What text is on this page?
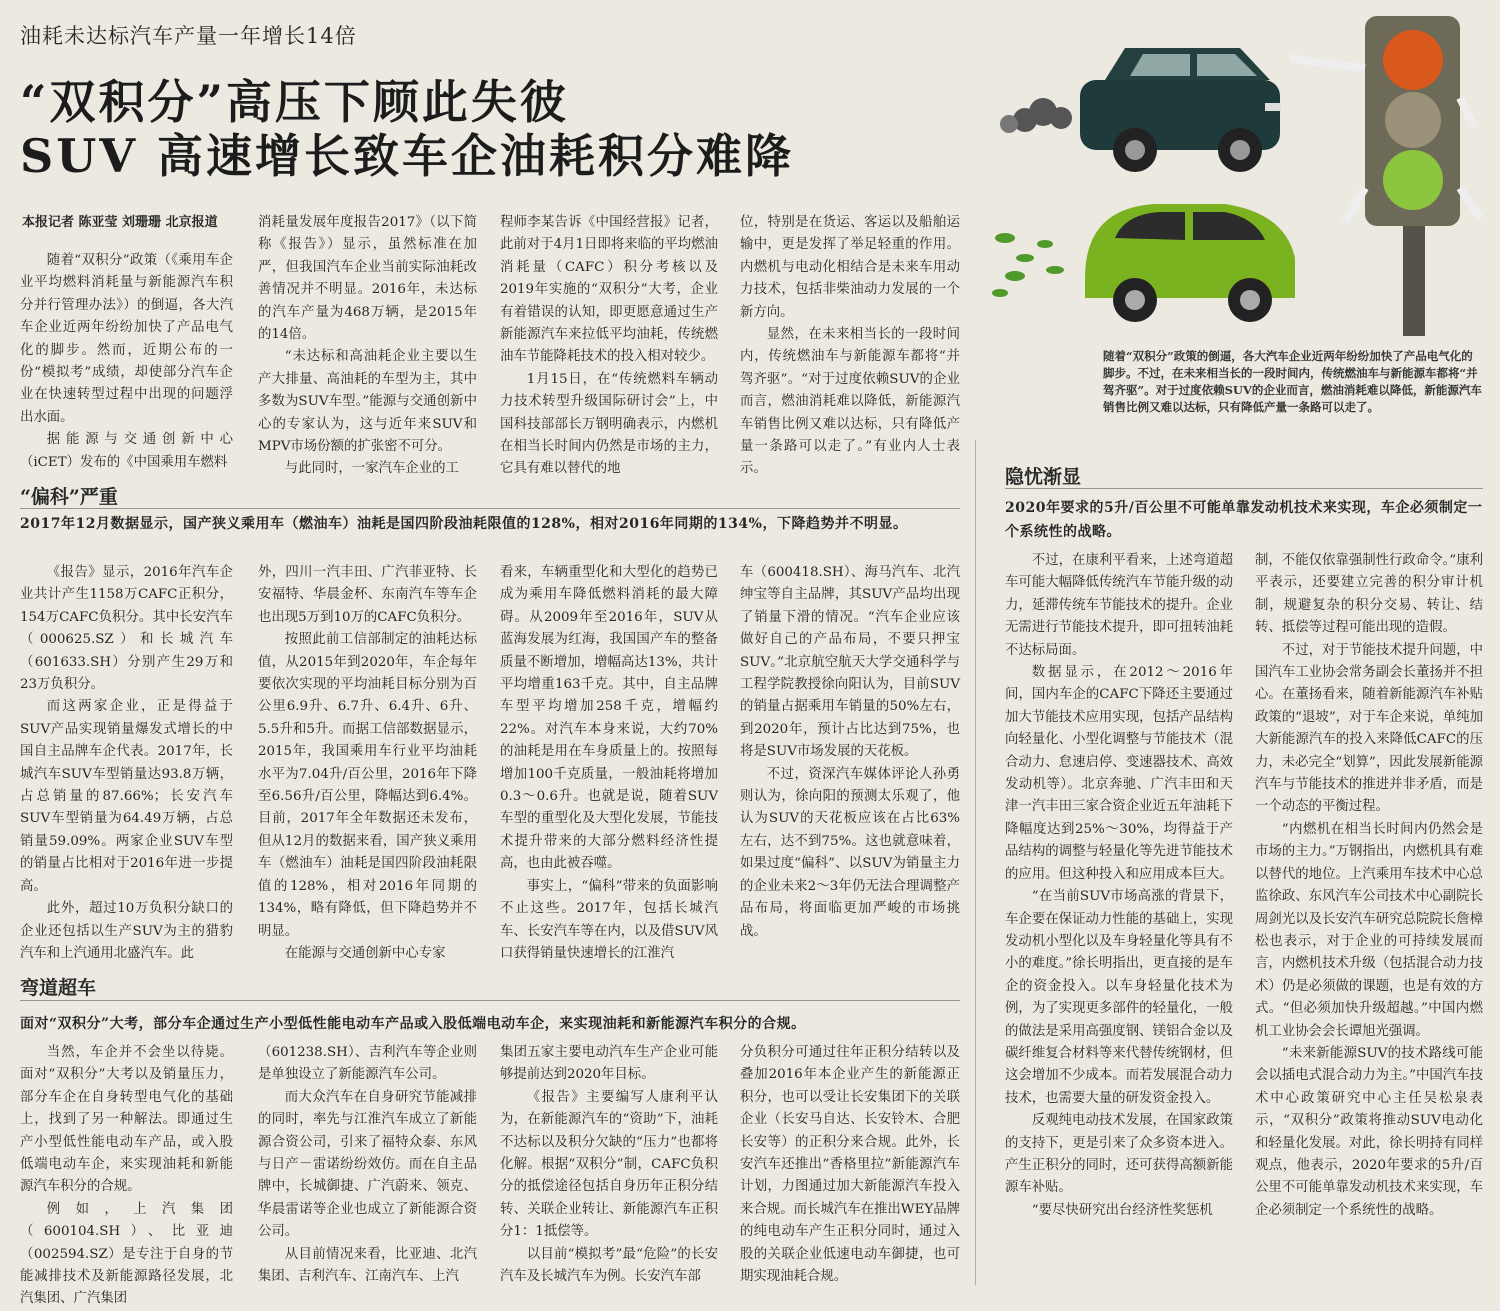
油耗未达标汽车产量一年增长14倍
“双积分”高压下顾此失彼
SUV 高速增长致车企油耗积分难降
随着“双积分”政策的倒逼，各大汽车企业近两年纷纷加快了产品电气化的脚步。不过，在未来相当长的一段时间内，传统燃油车与新能源车都将“并驾齐驱”。对于过度依赖SUV的企业而言，燃油消耗难以降低，新能源汽车销售比例又难以达标，只有降低产量一条路可以走了。
本报记者 陈亚莹 刘珊珊 北京报道

随着“双积分”政策（《乘用车企业平均燃料消耗量与新能源汽车积分并行管理办法》）的倒逼，各大汽车企业近两年纷纷加快了产品电气化的脚步。然而，近期公布的一份“模拟考”成绩，却使部分汽车企业在快速转型过程中出现的问题浮出水面。

据能源与交通创新中心（iCET）发布的《中国乘用车燃料

消耗量发展年度报告2017》（以下简称《报告》）显示，虽然标准在加严，但我国汽车企业当前实际油耗改善情况并不明显。2016年，未达标的汽车产量为468万辆，是2015年的14倍。

“未达标和高油耗企业主要以生产大排量、高油耗的车型为主，其中多数为SUV车型。”能源与交通创新中心的专家认为，这与近年来SUV和MPV市场份额的扩张密不可分。

与此同时，一家汽车企业的工

程师李某告诉《中国经营报》记者，此前对于4月1日即将来临的平均燃油消耗量（CAFC）积分考核以及2019年实施的“双积分”大考，企业有着错误的认知，即更愿意通过生产新能源汽车来拉低平均油耗，传统燃油车节能降耗技术的投入相对较少。

1月15日，在“传统燃料车辆动力技术转型升级国际研讨会”上，中国科技部部长万钢明确表示，内燃机在相当长时间内仍然是市场的主力，它具有难以替代的地

位，特别是在货运、客运以及船舶运输中，更是发挥了举足轻重的作用。内燃机与电动化相结合是未来车用动力技术，包括非柴油动力发展的一个新方向。

显然，在未来相当长的一段时间内，传统燃油车与新能源车都将“并驾齐驱”。“对于过度依赖SUV的企业而言，燃油消耗难以降低，新能源汽车销售比例又难以达标，只有降低产量一条路可以走了。”有业内人士表示。

“偏科”严重
2017年12月数据显示，国产狭义乘用车（燃油车）油耗是国四阶段油耗限值的128%，相对2016年同期的134%，下降趋势并不明显。

《报告》显示，2016年汽车企业共计产生1158万CAFC正积分，154万CAFC负积分。其中长安汽车（000625.SZ）和长城汽车（601633.SH）分别产生29万和23万负积分。

而这两家企业，正是得益于SUV产品实现销量爆发式增长的中国自主品牌车企代表。2017年，长城汽车SUV车型销量达93.8万辆，占总销量的87.66%；长安汽车SUV车型销量为64.49万辆，占总销量59.09%。两家企业SUV车型的销量占比相对于2016年进一步提高。

此外，超过10万负积分缺口的企业还包括以生产SUV为主的猎豹汽车和上汽通用北盛汽车。此

外，四川一汽丰田、广汽菲亚特、长安福特、华晨金杯、东南汽车等车企也出现5万到10万的CAFC负积分。

按照此前工信部制定的油耗达标值，从2015年到2020年，车企每年要依次实现的平均油耗目标分别为百公里6.9升、6.7升、6.4升、6升、5.5升和5升。而据工信部数据显示，2015年，我国乘用车行业平均油耗水平为7.04升/百公里，2016年下降至6.56升/百公里，降幅达到6.4%。目前，2017年全年数据还未发布，但从12月的数据来看，国产狭义乘用车（燃油车）油耗是国四阶段油耗限值的128%，相对2016年同期的134%，略有降低，但下降趋势并不明显。

在能源与交通创新中心专家

看来，车辆重型化和大型化的趋势已成为乘用车降低燃料消耗的最大障碍。从2009年至2016年，SUV从蓝海发展为红海，我国国产车的整备质量不断增加，增幅高达13%，共计平均增重163千克。其中，自主品牌车型平均增加258千克，增幅约22%。对汽车本身来说，大约70%的油耗是用在车身质量上的。按照每增加100千克质量，一般油耗将增加0.3～0.6升。也就是说，随着SUV车型的重型化及大型化发展，节能技术提升带来的大部分燃料经济性提高，也由此被吞噬。

事实上，“偏科”带来的负面影响不止这些。2017年，包括长城汽车、长安汽车等在内，以及借SUV风口获得销量快速增长的江淮汽

车（600418.SH）、海马汽车、北汽绅宝等自主品牌，其SUV产品均出现了销量下滑的情况。“汽车企业应该做好自己的产品布局，不要只押宝SUV。”北京航空航天大学交通科学与工程学院教授徐向阳认为，目前SUV的销量占据乘用车销量的50%左右，到2020年，预计占比达到75%，也将是SUV市场发展的天花板。

不过，资深汽车媒体评论人孙勇则认为，徐向阳的预测太乐观了，他认为SUV的天花板应该在占比63%左右，达不到75%。这也就意味着，如果过度“偏科”、以SUV为销量主力的企业未来2～3年仍无法合理调整产品布局，将面临更加严峻的市场挑战。

弯道超车
面对“双积分”大考，部分车企通过生产小型低性能电动车产品或入股低端电动车企，来实现油耗和新能源汽车积分的合规。

当然，车企并不会坐以待毙。面对“双积分”大考以及销量压力，部分车企在自身转型电气化的基础上，找到了另一种解法。即通过生产小型低性能电动车产品，或入股低端电动车企，来实现油耗和新能源汽车积分的合规。

例如，上汽集团（600104.SH）、比亚迪（002594.SZ）是专注于自身的节能减排技术及新能源路径发展，北汽集团、广汽集团

（601238.SH）、吉利汽车等企业则是单独设立了新能源汽车公司。

而大众汽车在自身研究节能减排的同时，率先与江淮汽车成立了新能源合资公司，引来了福特众泰、东风与日产－雷诺纷纷效仿。而在自主品牌中，长城御捷、广汽蔚来、领克、华晨雷诺等企业也成立了新能源合资公司。

从目前情况来看，比亚迪、北汽集团、吉利汽车、江南汽车、上汽

集团五家主要电动汽车生产企业可能够提前达到2020年目标。

《报告》主要编写人康利平认为，在新能源汽车的“资助”下，油耗不达标以及积分欠缺的“压力”也都将化解。根据“双积分”制，CAFC负积分的抵偿途径包括自身历年正积分结转、关联企业转让、新能源汽车正积分1：1抵偿等。

以目前“模拟考”最“危险”的长安汽车及长城汽车为例。长安汽车部

分负积分可通过往年正积分结转以及叠加2016年本企业产生的新能源正积分，也可以受让长安集团下的关联企业（长安马自达、长安铃木、合肥长安等）的正积分来合规。此外，长安汽车还推出“香格里拉”新能源汽车计划，力图通过加大新能源汽车投入来合规。而长城汽车在推出WEY品牌的纯电动车产生正积分同时，通过入股的关联企业低速电动车御捷，也可期实现油耗合规。

隐忧渐显
2020年要求的5升/百公里不可能单靠发动机技术来实现，车企必须制定一个系统性的战略。

不过，在康利平看来，上述弯道超车可能大幅降低传统汽车节能升级的动力，延滞传统车节能技术的提升。企业无需进行节能技术提升，即可扭转油耗不达标局面。

数据显示，在2012～2016年间，国内车企的CAFC下降还主要通过加大节能技术应用实现，包括产品结构向轻量化、小型化调整与节能技术（混合动力、怠速启停、变速器技术、高效发动机等）。北京奔驰、广汽丰田和天津一汽丰田三家合资企业近五年油耗下降幅度达到25%～30%，均得益于产品结构的调整与轻量化等先进节能技术的应用。但这种投入和应用成本巨大。

“在当前SUV市场高涨的背景下，车企要在保证动力性能的基础上，实现发动机小型化以及车身轻量化等具有不小的难度。”徐长明指出，更直接的是车企的资金投入。以车身轻量化技术为例，为了实现更多部件的轻量化，一般的做法是采用高强度钢、镁铝合金以及碳纤维复合材料等来代替传统钢材，但这会增加不少成本。而若发展混合动力技术，也需要大量的研发资金投入。

反观纯电动技术发展，在国家政策的支持下，更是引来了众多资本进入。产生正积分的同时，还可获得高额新能源车补贴。

“要尽快研究出台经济性奖惩机

制，不能仅依靠强制性行政命令。”康利平表示，还要建立完善的积分审计机制，规避复杂的积分交易、转让、结转、抵偿等过程可能出现的造假。

不过，对于节能技术提升问题，中国汽车工业协会常务副会长董扬并不担心。在董扬看来，随着新能源汽车补贴政策的“退坡”，对于车企来说，单纯加大新能源汽车的投入来降低CAFC的压力，未必完全“划算”，因此发展新能源汽车与节能技术的推进并非矛盾，而是一个动态的平衡过程。

“内燃机在相当长时间内仍然会是市场的主力。”万钢指出，内燃机具有难以替代的地位。上汽乘用车技术中心总监徐政、东风汽车公司技术中心副院长周剑光以及长安汽车研究总院院长詹樟松也表示，对于企业的可持续发展而言，内燃机技术升级（包括混合动力技术）仍是必须做的课题，也是有效的方式。“但必须加快升级超越。”中国内燃机工业协会会长谭旭光强调。

“未来新能源SUV的技术路线可能会以插电式混合动力为主。”中国汽车技术中心政策研究中心主任吴松泉表示，“双积分”政策将推动SUV电动化和轻量化发展。对此，徐长明持有同样观点，他表示，2020年要求的5升/百公里不可能单靠发动机技术来实现，车企必须制定一个系统性的战略。
